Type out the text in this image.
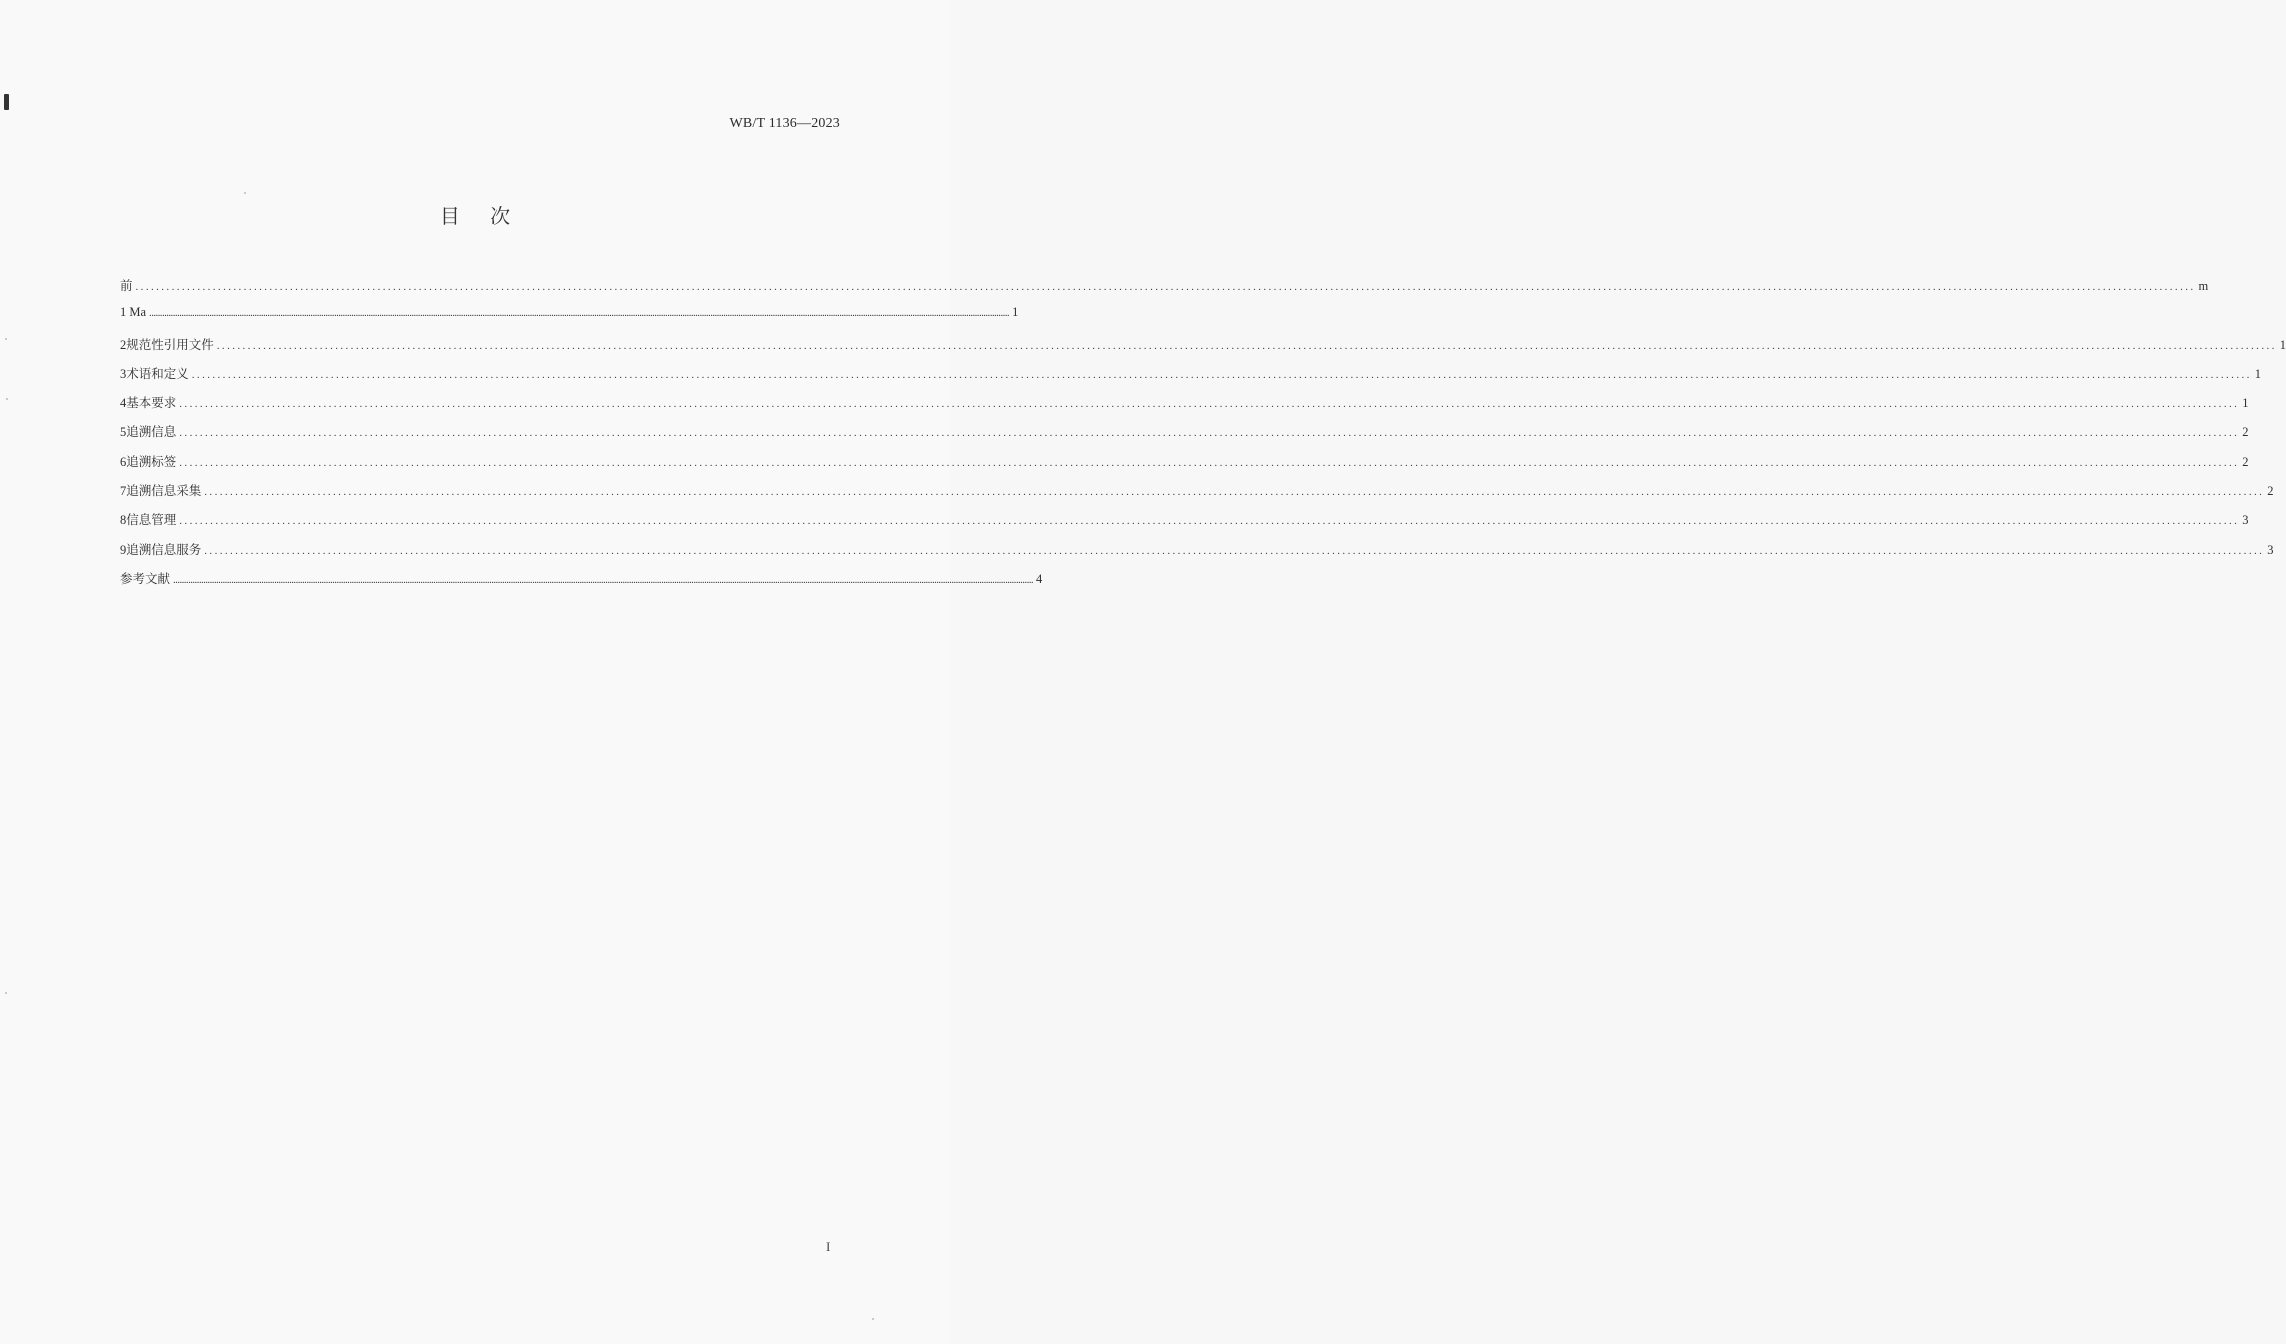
WB/T 1136—2023
目 次
前 ................................................................................................................................................................................................................................................................................................................................................................................................................ m
1 Ma ................................................................................................................................................................................................................................................................................................................................................................................................................ 1
2规范性引用文件 ................................................................................................................................................................................................................................................................................................................................................................................................................ 1
3术语和定义 ................................................................................................................................................................................................................................................................................................................................................................................................................ 1
4基本要求 ................................................................................................................................................................................................................................................................................................................................................................................................................ 1
5追溯信息 ................................................................................................................................................................................................................................................................................................................................................................................................................ 2
6追溯标签 ................................................................................................................................................................................................................................................................................................................................................................................................................ 2
7追溯信息采集 ................................................................................................................................................................................................................................................................................................................................................................................................................ 2
8信息管理 ................................................................................................................................................................................................................................................................................................................................................................................................................ 3
9追溯信息服务 ................................................................................................................................................................................................................................................................................................................................................................................................................ 3
参考文献 ................................................................................................................................................................................................................................................................................................................................................................................................................ 4
I
